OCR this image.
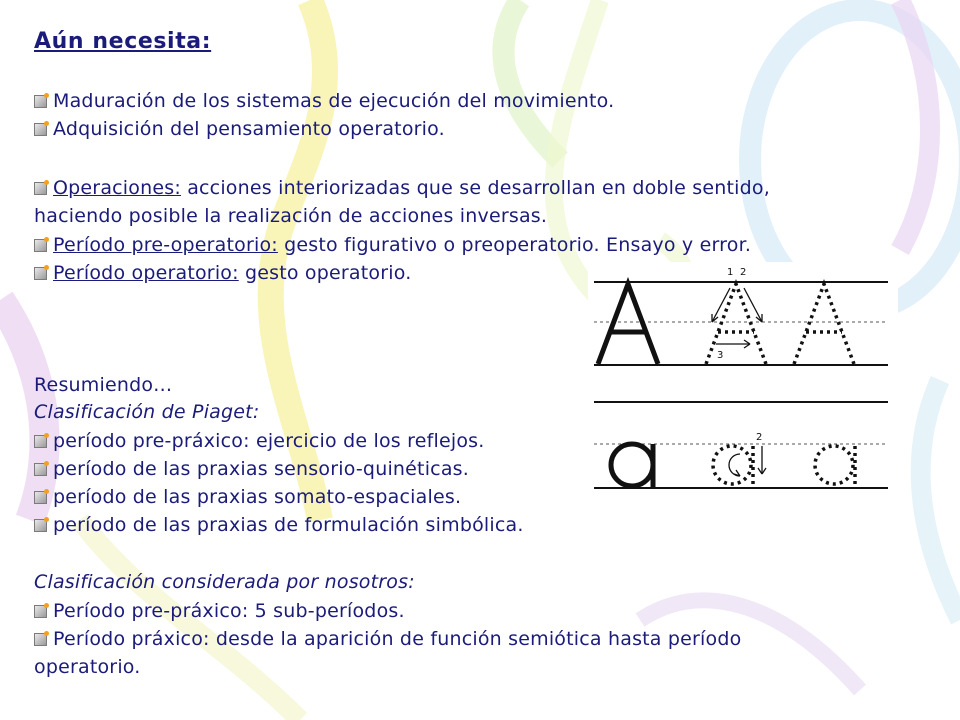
Aún necesita:
Maduración de los sistemas de ejecución del movimiento.
Adquisición del pensamiento operatorio.
Operaciones: acciones interiorizadas que se desarrollan en doble sentido,
haciendo posible la realización de acciones inversas.
Período pre-operatorio: gesto figurativo o preoperatorio. Ensayo y error.
Período operatorio: gesto operatorio.
Resumiendo…
Clasificación de Piaget:
período pre-práxico: ejercicio de los reflejos.
período de las praxias sensorio-quinéticas.
período de las praxias somato-espaciales.
período de las praxias de formulación simbólica.
Clasificación considerada por nosotros:
Período pre-práxico: 5 sub-períodos.
Período práxico: desde la aparición de función semiótica hasta período
operatorio.
1 2
3
2
